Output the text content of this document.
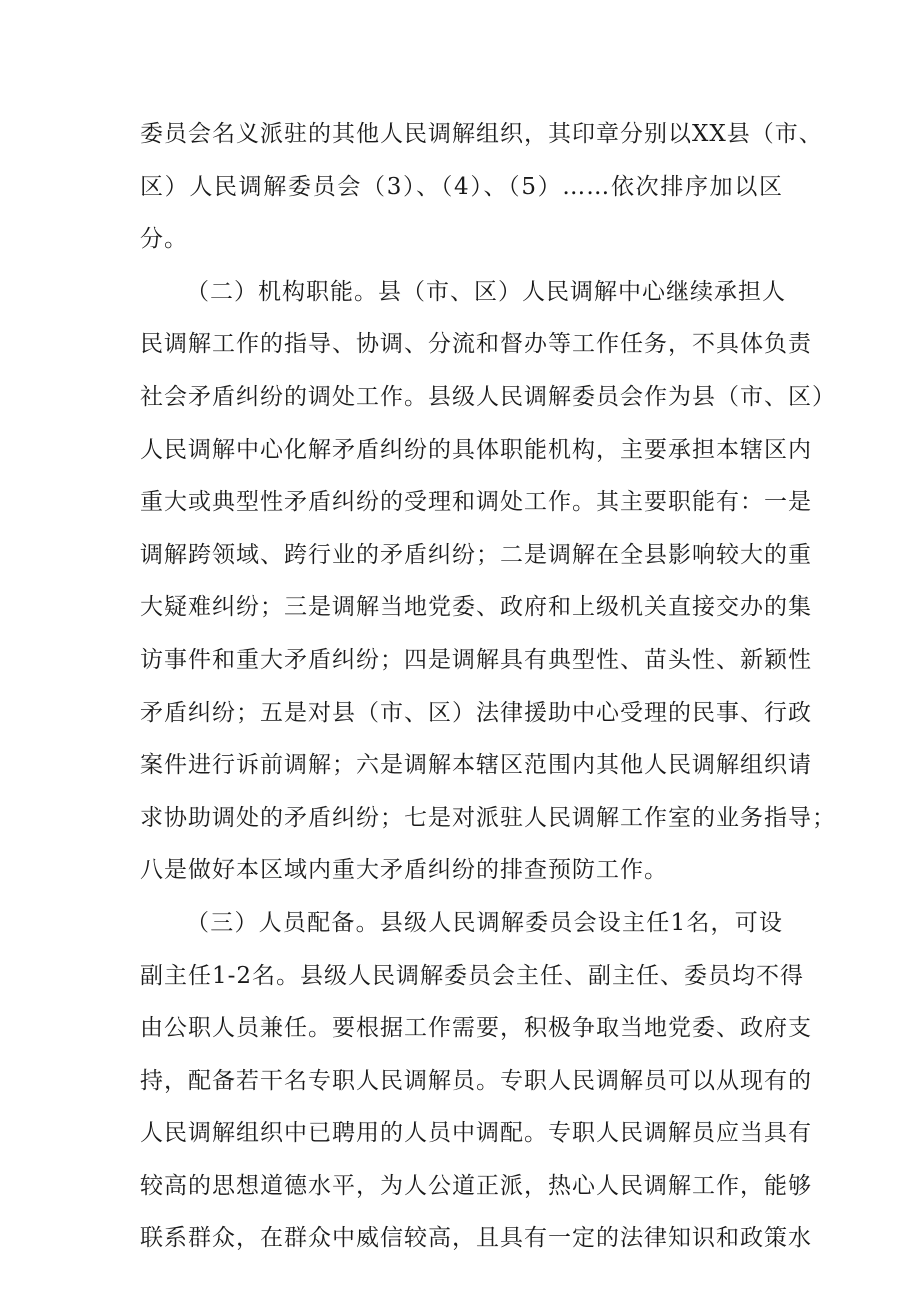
委员会名义派驻的其他人民调解组织，其印章分别以XX县（市、
区）人民调解委员会（3）、（4）、（5）……依次排序加以区
分。
（二）机构职能。县（市、区）人民调解中心继续承担人
民调解工作的指导、协调、分流和督办等工作任务，不具体负责
社会矛盾纠纷的调处工作。县级人民调解委员会作为县（市、区）
人民调解中心化解矛盾纠纷的具体职能机构，主要承担本辖区内
重大或典型性矛盾纠纷的受理和调处工作。其主要职能有：一是
调解跨领域、跨行业的矛盾纠纷；二是调解在全县影响较大的重
大疑难纠纷；三是调解当地党委、政府和上级机关直接交办的集
访事件和重大矛盾纠纷；四是调解具有典型性、苗头性、新颖性
矛盾纠纷；五是对县（市、区）法律援助中心受理的民事、行政
案件进行诉前调解；六是调解本辖区范围内其他人民调解组织请
求协助调处的矛盾纠纷；七是对派驻人民调解工作室的业务指导；
八是做好本区域内重大矛盾纠纷的排查预防工作。
（三）人员配备。县级人民调解委员会设主任1名，可设
副主任1-2名。县级人民调解委员会主任、副主任、委员均不得
由公职人员兼任。要根据工作需要，积极争取当地党委、政府支
持，配备若干名专职人民调解员。专职人民调解员可以从现有的
人民调解组织中已聘用的人员中调配。专职人民调解员应当具有
较高的思想道德水平，为人公道正派，热心人民调解工作，能够
联系群众，在群众中威信较高，且具有一定的法律知识和政策水
